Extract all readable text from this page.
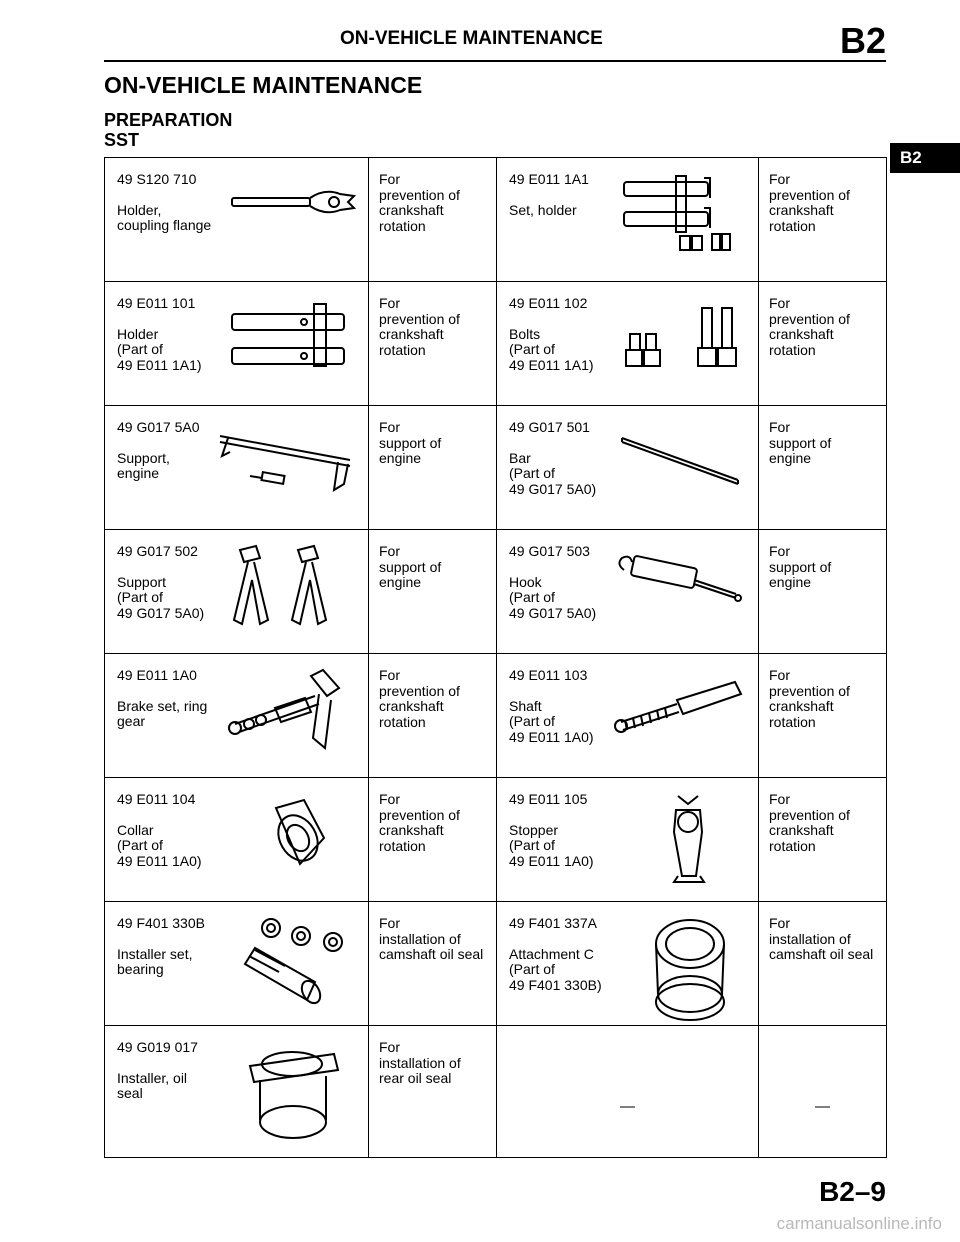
ON-VEHICLE MAINTENANCE	B2
ON-VEHICLE MAINTENANCE
PREPARATION
SST
B2
49 S120 710
Holder,
coupling flange	For
prevention of
crankshaft
rotation	49 E011 1A1
Set, holder	For
prevention of
crankshaft
rotation

49 E011 101
Holder
(Part of
49 E011 1A1)	For
prevention of
crankshaft
rotation	49 E011 102
Bolts
(Part of
49 E011 1A1)	For
prevention of
crankshaft
rotation

49 G017 5A0
Support,
engine	For
support of
engine	49 G017 501
Bar
(Part of
49 G017 5A0)	For
support of
engine

49 G017 502
Support
(Part of
49 G017 5A0)	For
support of
engine	49 G017 503
Hook
(Part of
49 G017 5A0)	For
support of
engine

49 E011 1A0
Brake set, ring
gear	For
prevention of
crankshaft
rotation	49 E011 103
Shaft
(Part of
49 E011 1A0)	For
prevention of
crankshaft
rotation

49 E011 104
Collar
(Part of
49 E011 1A0)	For
prevention of
crankshaft
rotation	49 E011 105
Stopper
(Part of
49 E011 1A0)	For
prevention of
crankshaft
rotation

49 F401 330B
Installer set,
bearing	For
installation of
camshaft oil seal	49 F401 337A
Attachment C
(Part of
49 F401 330B)	For
installation of
camshaft oil seal

49 G019 017
Installer, oil
seal	For
installation of
rear oil seal	—	—
B2–9
carmanualsonline.info
